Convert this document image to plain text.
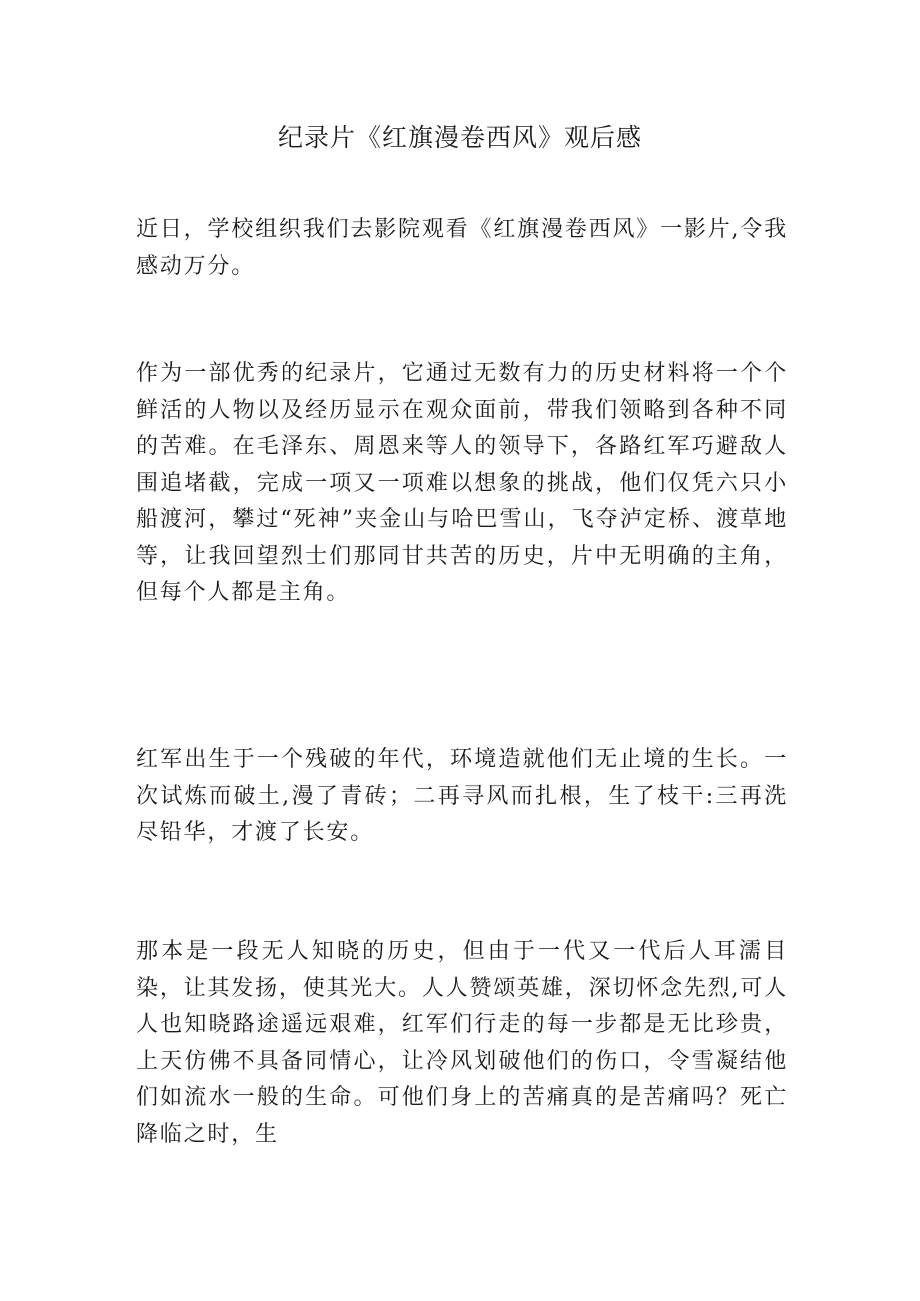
纪录片《红旗漫卷西风》观后感

近日，学校组织我们去影院观看《红旗漫卷西风》一影片,令我感动万分。

作为一部优秀的纪录片，它通过无数有力的历史材料将一个个鲜活的人物以及经历显示在观众面前，带我们领略到各种不同的苦难。在毛泽东、周恩来等人的领导下，各路红军巧避敌人围追堵截，完成一项又一项难以想象的挑战，他们仅凭六只小船渡河，攀过“死神”夹金山与哈巴雪山，飞夺泸定桥、渡草地等，让我回望烈士们那同甘共苦的历史，片中无明确的主角，但每个人都是主角。

红军出生于一个残破的年代，环境造就他们无止境的生长。一次试炼而破土,漫了青砖；二再寻风而扎根，生了枝干:三再洗尽铅华，才渡了长安。

那本是一段无人知晓的历史，但由于一代又一代后人耳濡目染，让其发扬，使其光大。人人赞颂英雄，深切怀念先烈,可人人也知晓路途遥远艰难，红军们行走的每一步都是无比珍贵，上天仿佛不具备同情心，让冷风划破他们的伤口，令雪凝结他们如流水一般的生命。可他们身上的苦痛真的是苦痛吗？死亡降临之时，生
